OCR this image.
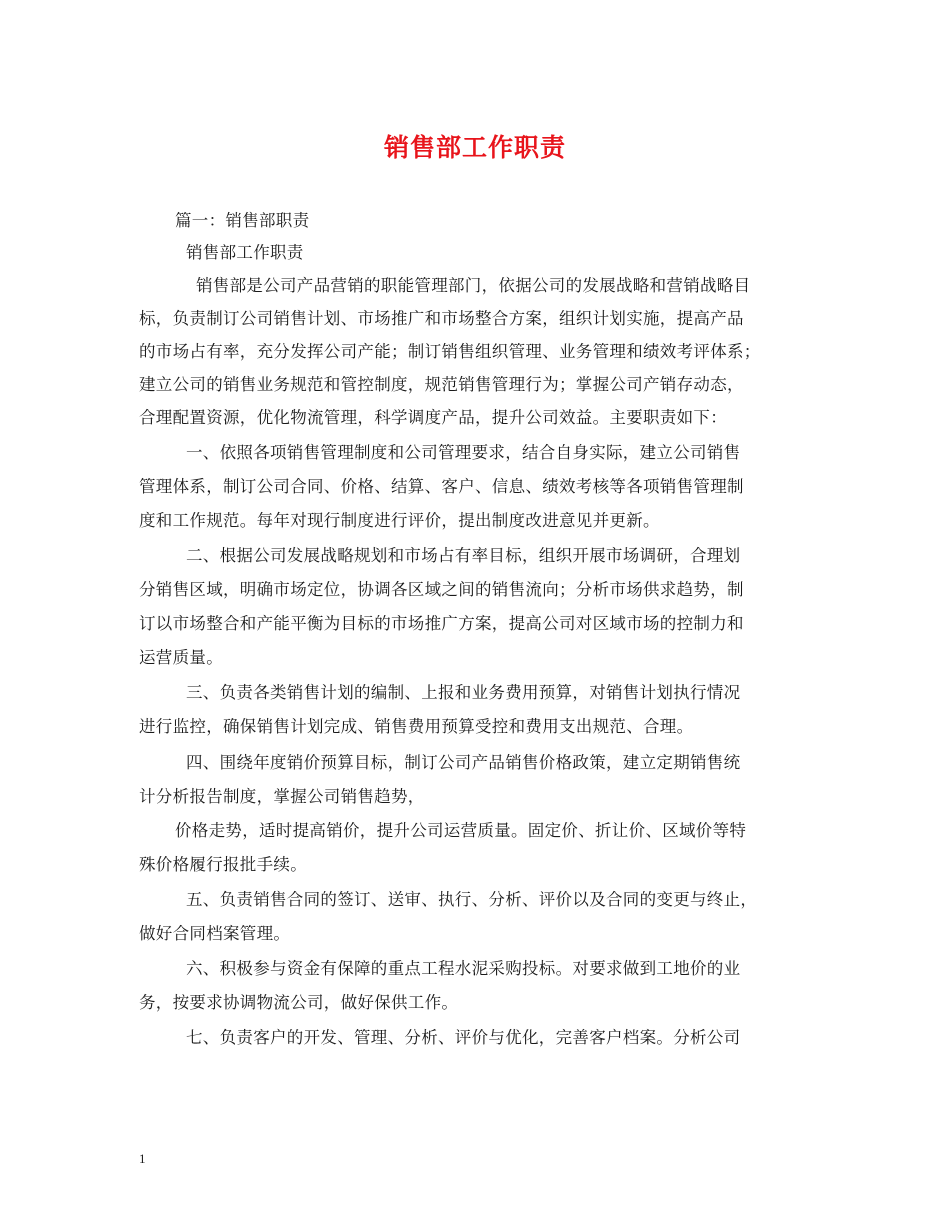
销售部工作职责
篇一：销售部职责
销售部工作职责
销售部是公司产品营销的职能管理部门，依据公司的发展战略和营销战略目
标，负责制订公司销售计划、市场推广和市场整合方案，组织计划实施，提高产品
的市场占有率，充分发挥公司产能；制订销售组织管理、业务管理和绩效考评体系；
建立公司的销售业务规范和管控制度，规范销售管理行为；掌握公司产销存动态，
合理配置资源，优化物流管理，科学调度产品，提升公司效益。主要职责如下：
一、依照各项销售管理制度和公司管理要求，结合自身实际，建立公司销售
管理体系，制订公司合同、价格、结算、客户、信息、绩效考核等各项销售管理制
度和工作规范。每年对现行制度进行评价，提出制度改进意见并更新。
二、根据公司发展战略规划和市场占有率目标，组织开展市场调研，合理划
分销售区域，明确市场定位，协调各区域之间的销售流向；分析市场供求趋势，制
订以市场整合和产能平衡为目标的市场推广方案，提高公司对区域市场的控制力和
运营质量。
三、负责各类销售计划的编制、上报和业务费用预算，对销售计划执行情况
进行监控，确保销售计划完成、销售费用预算受控和费用支出规范、合理。
四、围绕年度销价预算目标，制订公司产品销售价格政策，建立定期销售统
计分析报告制度，掌握公司销售趋势，
价格走势，适时提高销价，提升公司运营质量。固定价、折让价、区域价等特
殊价格履行报批手续。
五、负责销售合同的签订、送审、执行、分析、评价以及合同的变更与终止，
做好合同档案管理。
六、积极参与资金有保障的重点工程水泥采购投标。对要求做到工地价的业
务，按要求协调物流公司，做好保供工作。
七、负责客户的开发、管理、分析、评价与优化，完善客户档案。分析公司
1
